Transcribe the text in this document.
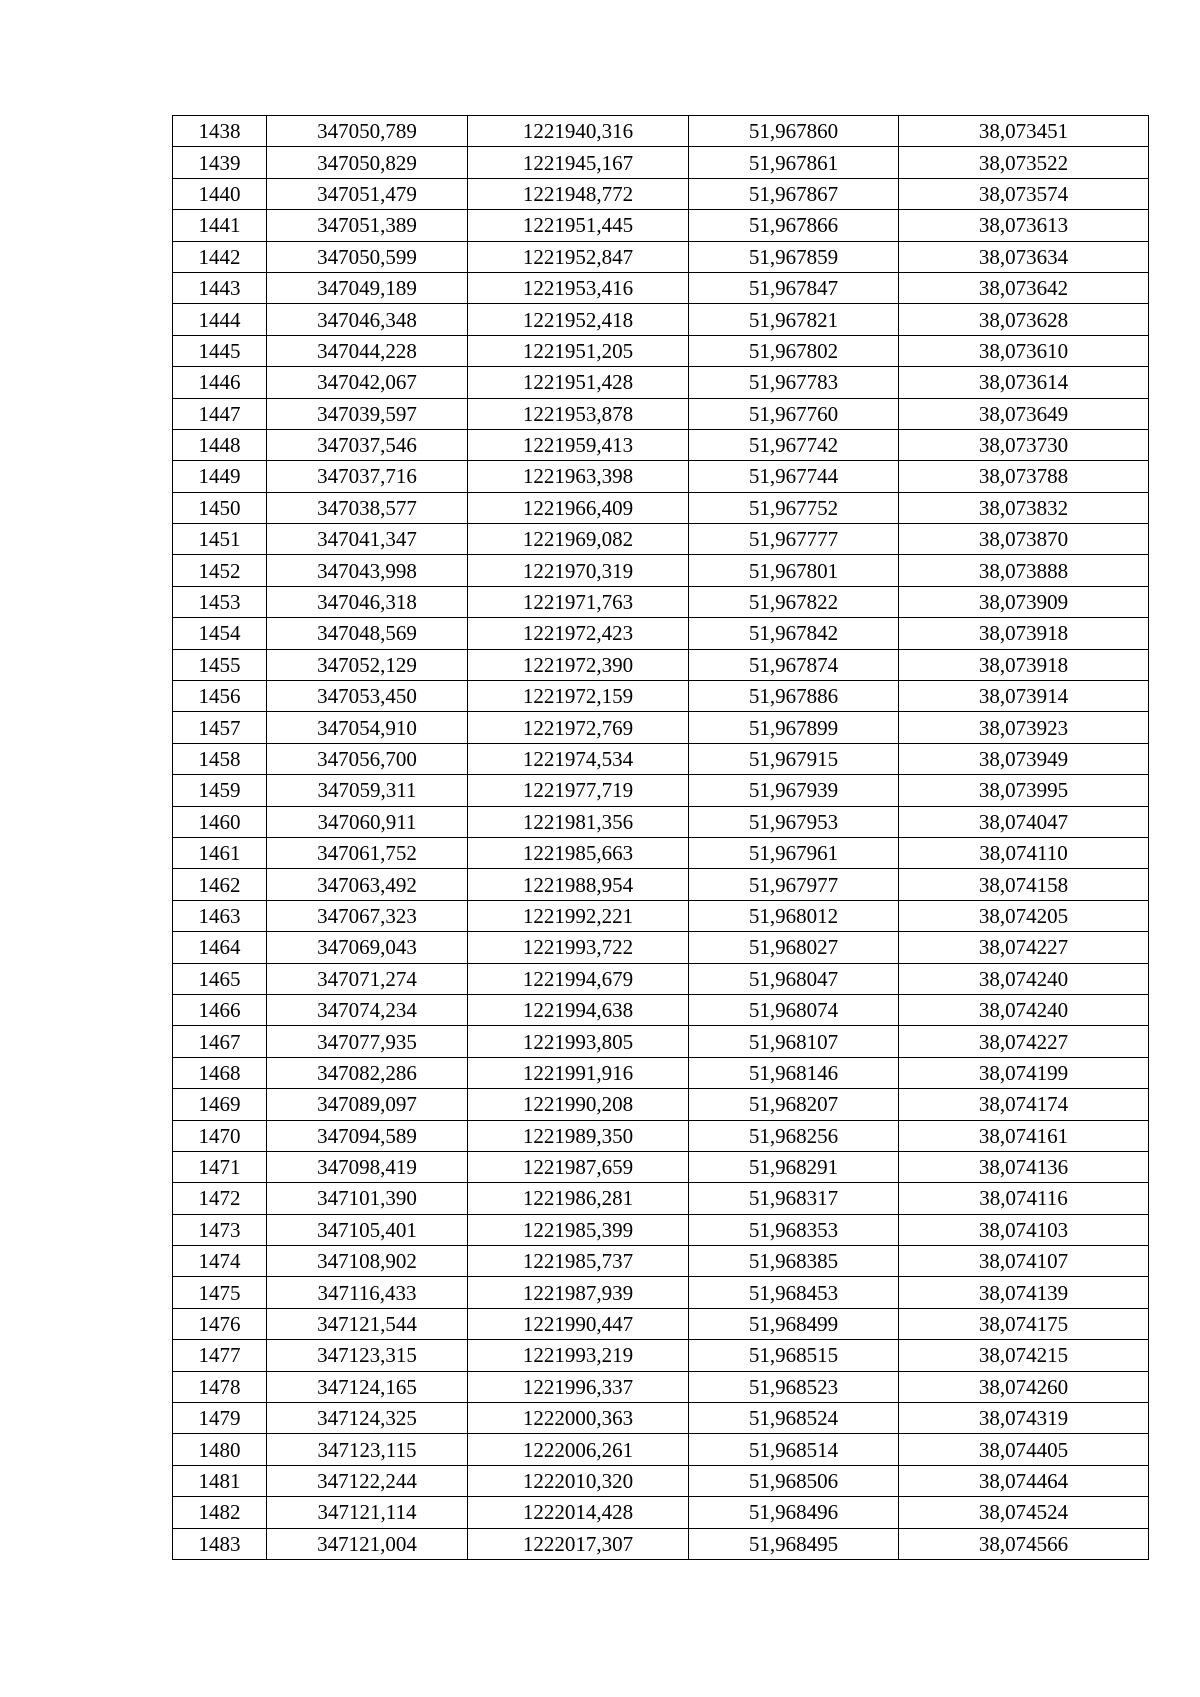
1438	347050,789	1221940,316	51,967860	38,073451
1439	347050,829	1221945,167	51,967861	38,073522
1440	347051,479	1221948,772	51,967867	38,073574
1441	347051,389	1221951,445	51,967866	38,073613
1442	347050,599	1221952,847	51,967859	38,073634
1443	347049,189	1221953,416	51,967847	38,073642
1444	347046,348	1221952,418	51,967821	38,073628
1445	347044,228	1221951,205	51,967802	38,073610
1446	347042,067	1221951,428	51,967783	38,073614
1447	347039,597	1221953,878	51,967760	38,073649
1448	347037,546	1221959,413	51,967742	38,073730
1449	347037,716	1221963,398	51,967744	38,073788
1450	347038,577	1221966,409	51,967752	38,073832
1451	347041,347	1221969,082	51,967777	38,073870
1452	347043,998	1221970,319	51,967801	38,073888
1453	347046,318	1221971,763	51,967822	38,073909
1454	347048,569	1221972,423	51,967842	38,073918
1455	347052,129	1221972,390	51,967874	38,073918
1456	347053,450	1221972,159	51,967886	38,073914
1457	347054,910	1221972,769	51,967899	38,073923
1458	347056,700	1221974,534	51,967915	38,073949
1459	347059,311	1221977,719	51,967939	38,073995
1460	347060,911	1221981,356	51,967953	38,074047
1461	347061,752	1221985,663	51,967961	38,074110
1462	347063,492	1221988,954	51,967977	38,074158
1463	347067,323	1221992,221	51,968012	38,074205
1464	347069,043	1221993,722	51,968027	38,074227
1465	347071,274	1221994,679	51,968047	38,074240
1466	347074,234	1221994,638	51,968074	38,074240
1467	347077,935	1221993,805	51,968107	38,074227
1468	347082,286	1221991,916	51,968146	38,074199
1469	347089,097	1221990,208	51,968207	38,074174
1470	347094,589	1221989,350	51,968256	38,074161
1471	347098,419	1221987,659	51,968291	38,074136
1472	347101,390	1221986,281	51,968317	38,074116
1473	347105,401	1221985,399	51,968353	38,074103
1474	347108,902	1221985,737	51,968385	38,074107
1475	347116,433	1221987,939	51,968453	38,074139
1476	347121,544	1221990,447	51,968499	38,074175
1477	347123,315	1221993,219	51,968515	38,074215
1478	347124,165	1221996,337	51,968523	38,074260
1479	347124,325	1222000,363	51,968524	38,074319
1480	347123,115	1222006,261	51,968514	38,074405
1481	347122,244	1222010,320	51,968506	38,074464
1482	347121,114	1222014,428	51,968496	38,074524
1483	347121,004	1222017,307	51,968495	38,074566
